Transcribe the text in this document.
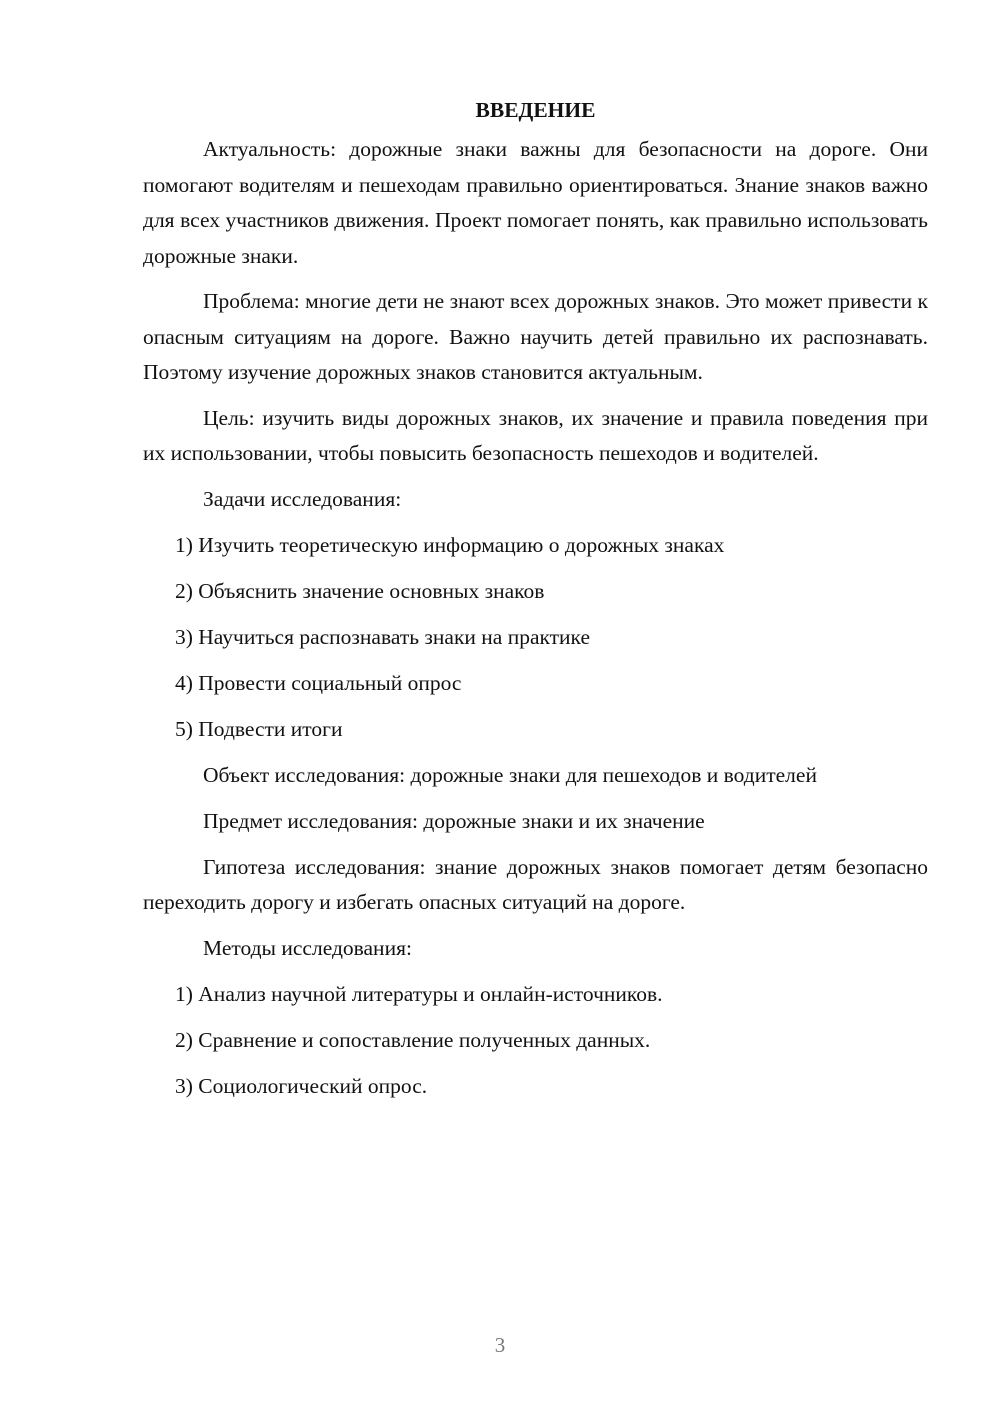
ВВЕДЕНИЕ

Актуальность: дорожные знаки важны для безопасности на дороге. Они помогают водителям и пешеходам правильно ориентироваться. Знание знаков важно для всех участников движения. Проект помогает понять, как правильно использовать дорожные знаки.

Проблема: многие дети не знают всех дорожных знаков. Это может привести к опасным ситуациям на дороге. Важно научить детей правильно их распознавать. Поэтому изучение дорожных знаков становится актуальным.

Цель: изучить виды дорожных знаков, их значение и правила поведения при их использовании, чтобы повысить безопасность пешеходов и водителей.

Задачи исследования:

1) Изучить теоретическую информацию о дорожных знаках
2) Объяснить значение основных знаков
3) Научиться распознавать знаки на практике
4) Провести социальный опрос
5) Подвести итоги

Объект исследования: дорожные знаки для пешеходов и водителей

Предмет исследования: дорожные знаки и их значение

Гипотеза исследования: знание дорожных знаков помогает детям безопасно переходить дорогу и избегать опасных ситуаций на дороге.

Методы исследования:

1) Анализ научной литературы и онлайн-источников.
2) Сравнение и сопоставление полученных данных.
3) Социологический опрос.
3
